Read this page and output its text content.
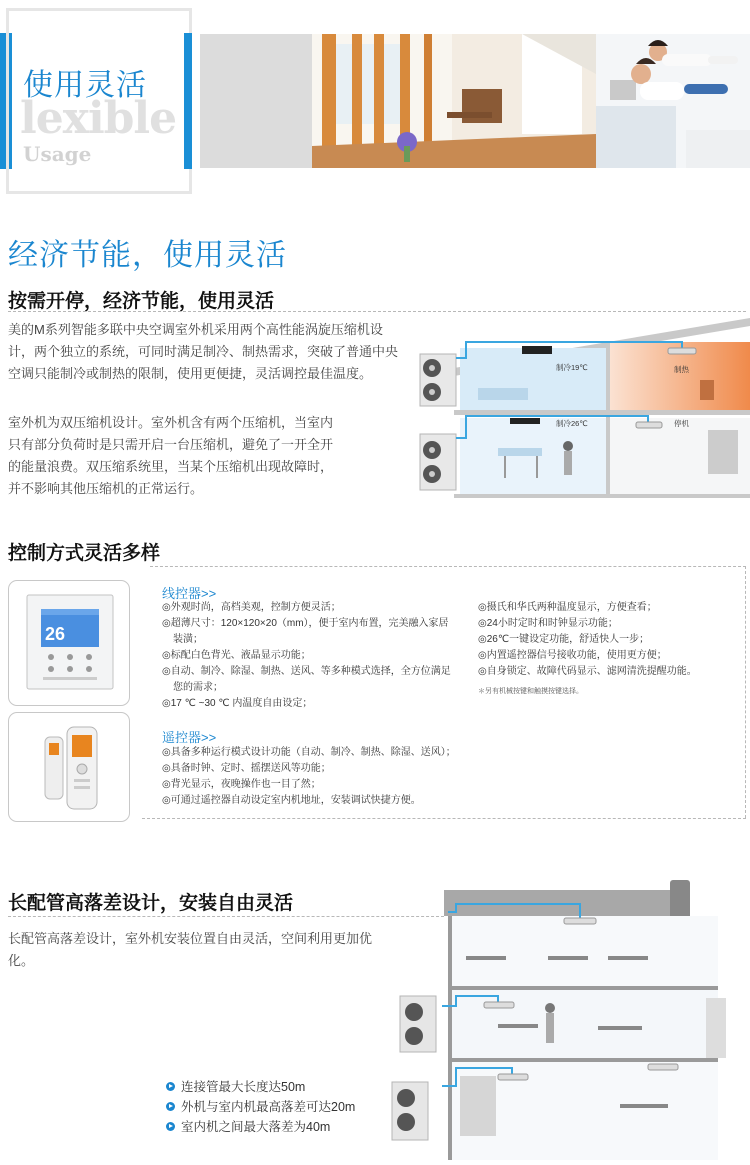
使用灵活
lexible
Usage
经济节能，使用灵活
按需开停，经济节能，使用灵活
美的M系列智能多联中央空调室外机采用两个高性能涡旋压缩机设计，两个独立的系统，可同时满足制冷、制热需求，突破了普通中央空调只能制冷或制热的限制，使用更便捷，灵活调控最佳温度。
室外机为双压缩机设计。室外机含有两个压缩机，当室内只有部分负荷时是只需开启一台压缩机，避免了一开全开的能量浪费。双压缩系统里，当某个压缩机出现故障时，并不影响其他压缩机的正常运行。
制冷19℃	制热
制冷26℃	停机
控制方式灵活多样
26
线控器>>
◎外观时尚，高档美观，控制方便灵活；
◎超薄尺寸：120×120×20（mm），便于室内布置，完美融入家居装潢；
◎标配白色背光、液晶显示功能；
◎自动、制冷、除湿、制热、送风、等多种模式选择，全方位满足您的需求；
◎17 ℃ ~30 ℃ 内温度自由设定；
◎摄氏和华氏两种温度显示，方便查看；
◎24小时定时和时钟显示功能；
◎26℃一键设定功能，舒适快人一步；
◎内置遥控器信号接收功能，使用更方便；
◎自身锁定、故障代码显示、滤网清洗提醒功能。
＊另有机械按键和触摸按键选择。
遥控器>>
◎具备多种运行模式设计功能（自动、制冷、制热、除湿、送风）；
◎具备时钟、定时、摇摆送风等功能；
◎背光显示，夜晚操作也一目了然；
◎可通过遥控器自动设定室内机地址，安装调试快捷方便。
长配管高落差设计，安装自由灵活
长配管高落差设计，室外机安装位置自由灵活，空间利用更加优化。
连接管最大长度达50m
外机与室内机最高落差可达20m
室内机之间最大落差为40m
